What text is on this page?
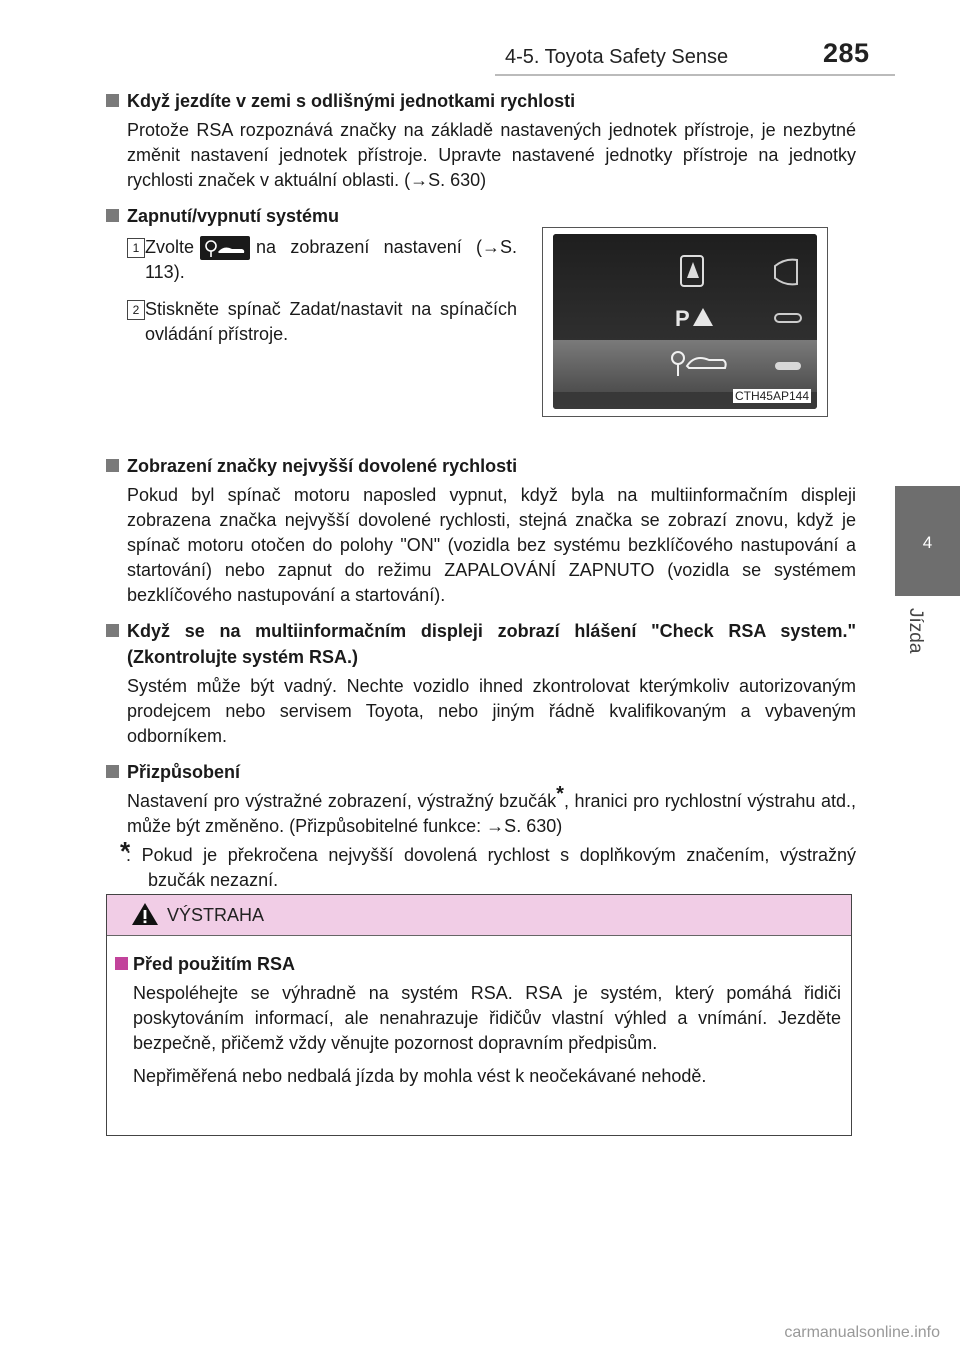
4-5. Toyota Safety Sense	285
4
Jízda
Když jezdíte v zemi s odlišnými jednotkami rychlosti
Protože RSA rozpoznává značky na základě nastavených jednotek přístroje, je nezbytné změnit nastavení jednotek přístroje. Upravte nastavené jednotky přístroje na jednotky rychlosti značek v aktuální oblasti. (→S. 630)
Zapnutí/vypnutí systému
1 Zvolte	na zobrazení nastavení (→S. 113).
2 Stiskněte spínač Zadat/nastavit na spínačích ovládání přístroje.
P
CTH45AP144
Zobrazení značky nejvyšší dovolené rychlosti
Pokud byl spínač motoru naposled vypnut, když byla na multiinformačním displeji zobrazena značka nejvyšší dovolené rychlosti, stejná značka se zobrazí znovu, když je spínač motoru otočen do polohy "ON" (vozidla bez systému bezklíčového nastupování a startování) nebo zapnut do režimu ZAPALOVÁNÍ ZAPNUTO (vozidla se systémem bezklíčového nastupování a startování).
Když se na multiinformačním displeji zobrazí hlášení "Check RSA system." (Zkontrolujte systém RSA.)
Systém může být vadný. Nechte vozidlo ihned zkontrolovat kterýmkoliv autorizovaným prodejcem nebo servisem Toyota, nebo jiným řádně kvalifikovaným a vybaveným odborníkem.
Přizpůsobení
Nastavení pro výstražné zobrazení, výstražný bzučák*, hranici pro rychlostní výstrahu atd., může být změněno. (Přizpůsobitelné funkce: →S. 630)
*
: Pokud je překročena nejvyšší dovolená rychlost s doplňkovým značením, výstražný bzučák nezazní.
VÝSTRAHA
Před použitím RSA
Nespoléhejte se výhradně na systém RSA. RSA je systém, který pomáhá řidiči poskytováním informací, ale nenahrazuje řidičův vlastní výhled a vnímání. Jezděte bezpečně, přičemž vždy věnujte pozornost dopravním předpisům.
Nepřiměřená nebo nedbalá jízda by mohla vést k neočekávané nehodě.
carmanualsonline.info
